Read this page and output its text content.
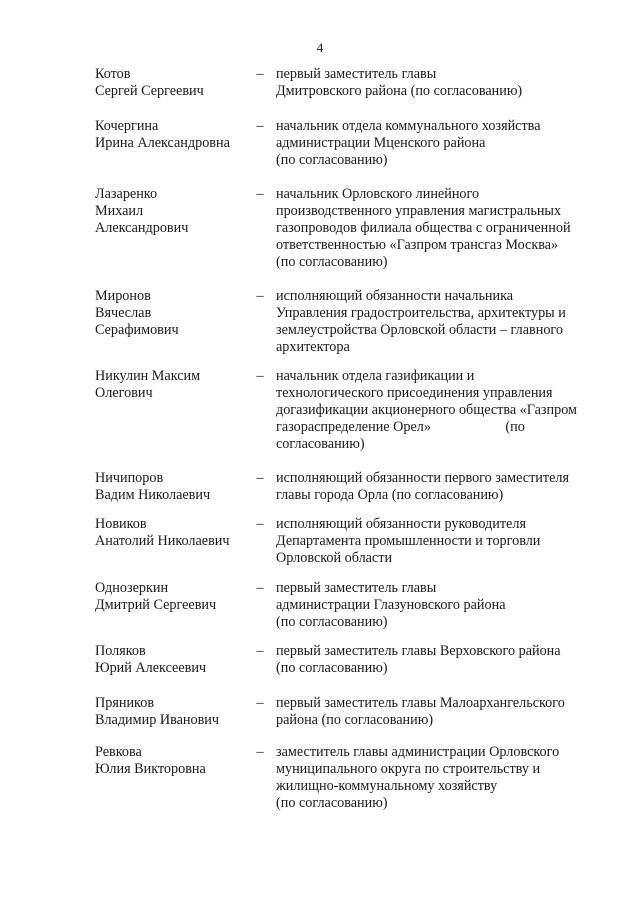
4
Котов
Сергей Сергеевич
– первый заместитель главы
Дмитровского района (по согласованию)
Кочергина
Ирина Александровна
– начальник отдела коммунального хозяйства
администрации Мценского района
(по согласованию)
Лазаренко
Михаил
Александрович
– начальник Орловского линейного
производственного управления магистральных
газопроводов филиала общества с ограниченной
ответственностью «Газпром трансгаз Москва»
(по согласованию)
Миронов
Вячеслав
Серафимович
– исполняющий обязанности начальника
Управления градостроительства, архитектуры и
землеустройства Орловской области – главного
архитектора
Никулин Максим
Олегович
– начальник отдела газификации и
технологического присоединения управления
догазификации акционерного общества «Газпром
газораспределение Орел»                     (по
согласованию)
Ничипоров
Вадим Николаевич
– исполняющий обязанности первого заместителя
главы города Орла (по согласованию)
Новиков
Анатолий Николаевич
– исполняющий обязанности руководителя
Департамента промышленности и торговли
Орловской области
Однозеркин
Дмитрий Сергеевич
– первый заместитель главы
администрации Глазуновского района
(по согласованию)
Поляков
Юрий Алексеевич
– первый заместитель главы Верховского района
(по согласованию)
Пряников
Владимир Иванович
– первый заместитель главы Малоархангельского
района (по согласованию)
Ревкова
Юлия Викторовна
– заместитель главы администрации Орловского
муниципального округа по строительству и
жилищно-коммунальному хозяйству
(по согласованию)
